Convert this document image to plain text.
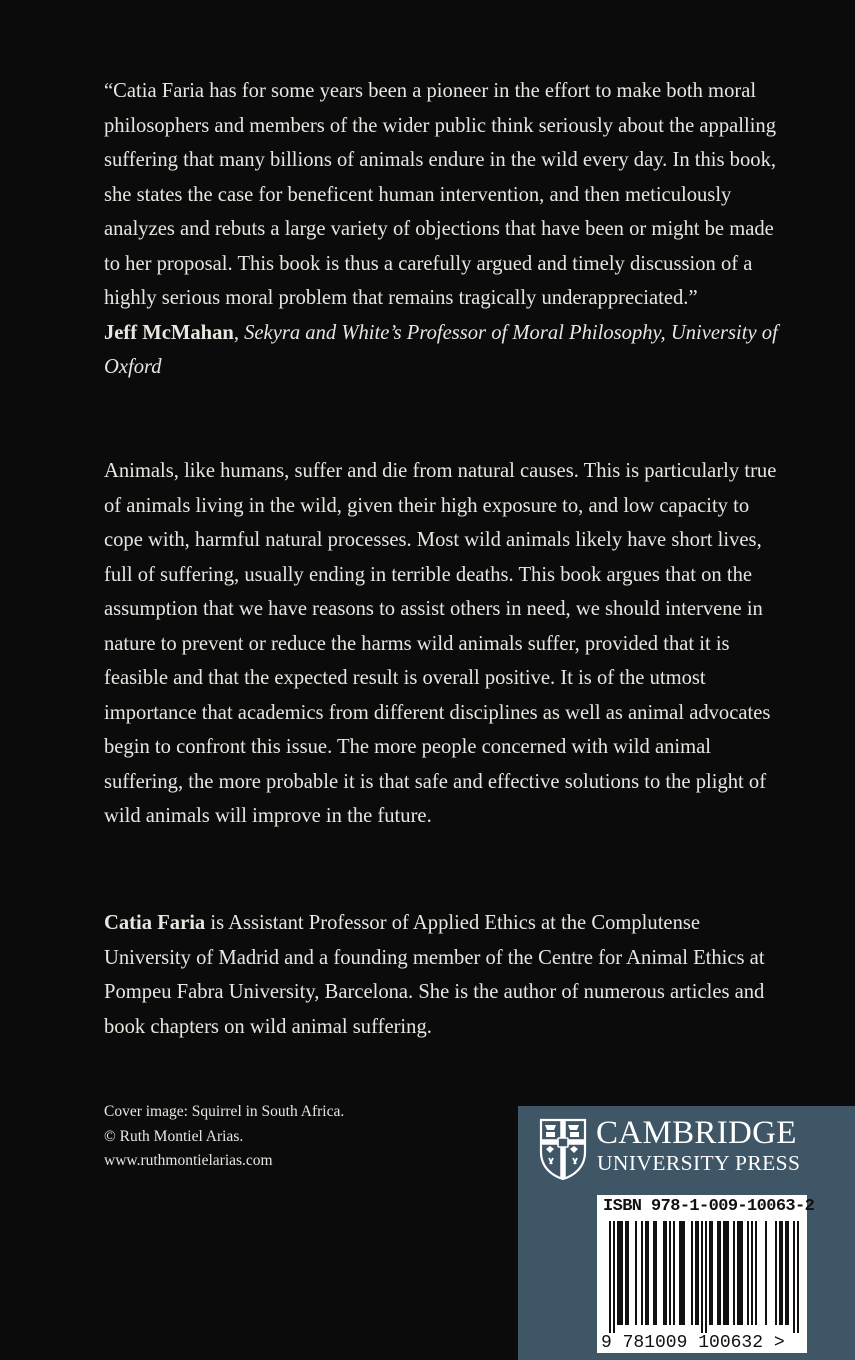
“Catia Faria has for some years been a pioneer in the effort to make both moral philosophers and members of the wider public think seriously about the appalling suffering that many billions of animals endure in the wild every day. In this book, she states the case for beneficent human intervention, and then meticulously analyzes and rebuts a large variety of objections that have been or might be made to her proposal. This book is thus a carefully argued and timely discussion of a highly serious moral problem that remains tragically underappreciated.”
Jeff McMahan, Sekyra and White’s Professor of Moral Philosophy, University of Oxford

Animals, like humans, suffer and die from natural causes. This is particularly true of animals living in the wild, given their high exposure to, and low capacity to cope with, harmful natural processes. Most wild animals likely have short lives, full of suffering, usually ending in terrible deaths. This book argues that on the assumption that we have reasons to assist others in need, we should intervene in nature to prevent or reduce the harms wild animals suffer, provided that it is feasible and that the expected result is overall positive. It is of the utmost importance that academics from different disciplines as well as animal advocates begin to confront this issue. The more people concerned with wild animal suffering, the more probable it is that safe and effective solutions to the plight of wild animals will improve in the future.

Catia Faria is Assistant Professor of Applied Ethics at the Complutense University of Madrid and a founding member of the Centre for Animal Ethics at Pompeu Fabra University, Barcelona. She is the author of numerous articles and book chapters on wild animal suffering.

Cover image: Squirrel in South Africa.
© Ruth Montiel Arias.
www.ruthmontielarias.com
CAMBRIDGE
UNIVERSITY PRESS
ISBN 978-1-009-10063-2
9 781009 100632 >
